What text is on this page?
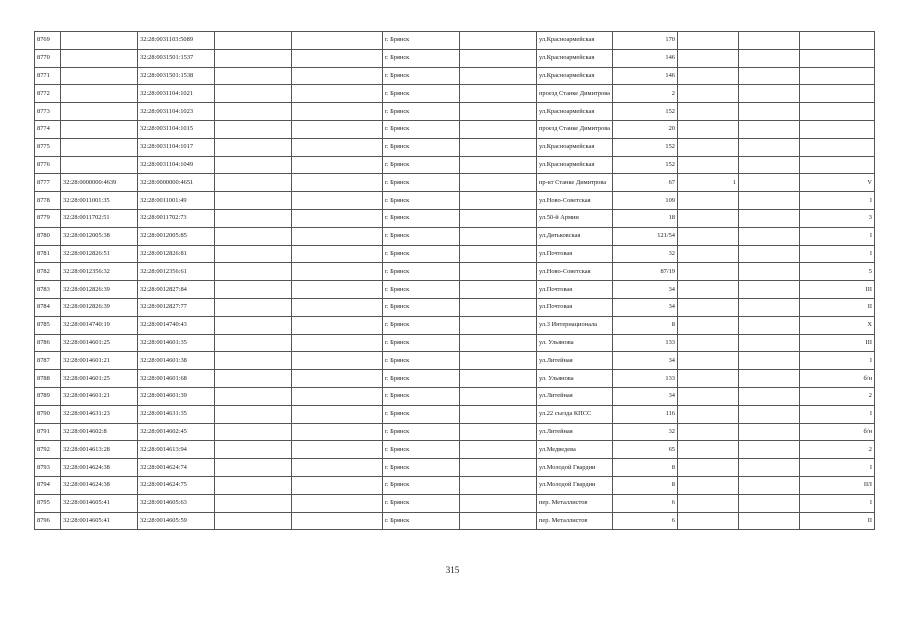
8769		32:28:0031103:5089			г. Брянск		ул.Красноармейская	170			
8770		32:28:0031501:1537			г. Брянск		ул.Красноармейская	146			
8771		32:28:0031501:1538			г. Брянск		ул.Красноармейская	146			
8772		32:28:0031104:1021			г. Брянск		проезд Станке Димитрова	2			
8773		32:28:0031104:1023			г. Брянск		ул.Красноармейская	152			
8774		32:28:0031104:1015			г. Брянск		проезд Станке Димитрова	20			
8775		32:28:0031104:1017			г. Брянск		ул.Красноармейская	152			
8776		32:28:0031104:1049			г. Брянск		ул.Красноармейская	152			
8777	32:28:0000000:4639	32:28:0000000:4651			г. Брянск		пр-кт Станке Димитрова	67	1		V
8778	32:28:0011001:35	32:28:0011001:49			г. Брянск		ул.Ново-Советская	109			I
8779	32:28:0011702:51	32:28:0011702:73			г. Брянск		ул.50-й Армии	18			3
8780	32:28:0012005:38	32:28:0012005:85			г. Брянск		ул.Дятьковская	121/54			I
8781	32:28:0012826:51	32:28:0012826:81			г. Брянск		ул.Почтовая	32			I
8782	32:28:0012356:32	32:28:0012356:61			г. Брянск		ул.Ново-Советская	87/19			5
8783	32:28:0012826:39	32:28:0012827:84			г. Брянск		ул.Почтовая	34			III
8784	32:28:0012826:39	32:28:0012827:77			г. Брянск		ул.Почтовая	34			II
8785	32:28:0014740:19	32:28:0014740:43			г. Брянск		ул.3 Интернационала	8			X
8786	32:28:0014601:25	32:28:0014601:35			г. Брянск		ул. Ульянова	133			III
8787	32:28:0014601:21	32:28:0014601:38			г. Брянск		ул.Литейная	34			I
8788	32:28:0014601:25	32:28:0014601:68			г. Брянск		ул. Ульянова	133			б/н
8789	32:28:0014601:21	32:28:0014601:39			г. Брянск		ул.Литейная	34			2
8790	32:28:0014631:23	32:28:0014631:35			г. Брянск		ул.22 съезда КПСС	116			I
8791	32:28:0014602:8	32:28:0014602:45			г. Брянск		ул.Литейная	32			б/н
8792	32:28:0014613:28	32:28:0014613:94			г. Брянск		ул.Медведева	65			2
8793	32:28:0014624:38	32:28:0014624:74			г. Брянск		ул.Молодой Гвардии	8			I
8794	32:28:0014624:38	32:28:0014624:75			г. Брянск		ул.Молодой Гвардии	8			II/I
8795	32:28:0014605:41	32:28:0014605:63			г. Брянск		пер. Металлистов	6			I
8796	32:28:0014605:41	32:28:0014605:59			г. Брянск		пер. Металлистов	6			II
315
